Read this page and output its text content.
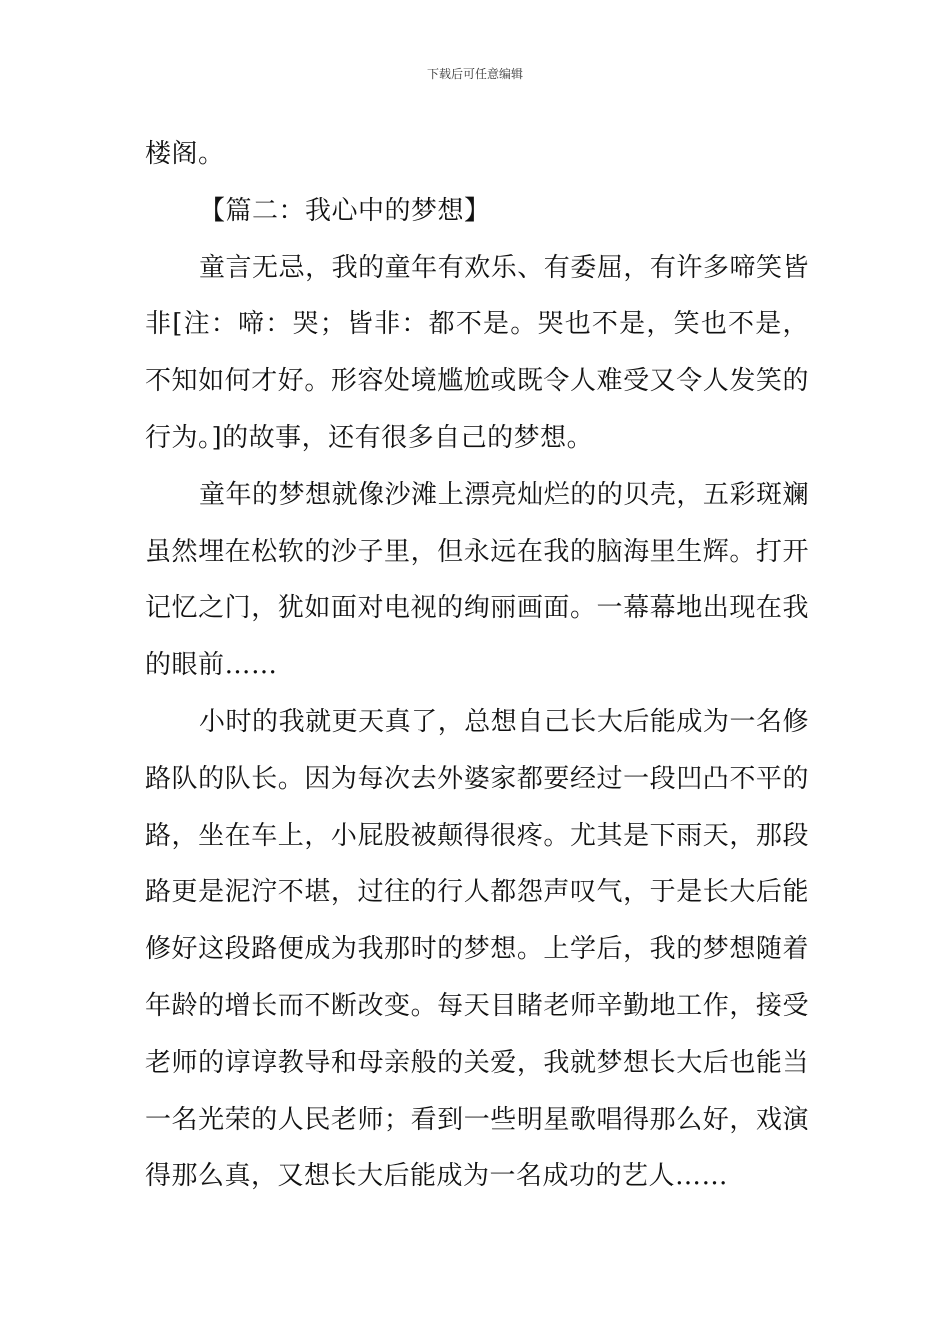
下载后可任意编辑

楼阁。

【篇二：我心中的梦想】

童言无忌，我的童年有欢乐、有委屈，有许多啼笑皆非[注：啼：哭；皆非：都不是。哭也不是，笑也不是，不知如何才好。形容处境尴尬或既令人难受又令人发笑的行为。]的故事，还有很多自己的梦想。

童年的梦想就像沙滩上漂亮灿烂的的贝壳，五彩斑斓虽然埋在松软的沙子里，但永远在我的脑海里生辉。打开记忆之门，犹如面对电视的绚丽画面。一幕幕地出现在我的眼前……

小时的我就更天真了，总想自己长大后能成为一名修路队的队长。因为每次去外婆家都要经过一段凹凸不平的路，坐在车上，小屁股被颠得很疼。尤其是下雨天，那段路更是泥泞不堪，过往的行人都怨声叹气，于是长大后能修好这段路便成为我那时的梦想。上学后，我的梦想随着年龄的增长而不断改变。每天目睹老师辛勤地工作，接受老师的谆谆教导和母亲般的关爱，我就梦想长大后也能当一名光荣的人民老师；看到一些明星歌唱得那么好，戏演得那么真，又想长大后能成为一名成功的艺人……
